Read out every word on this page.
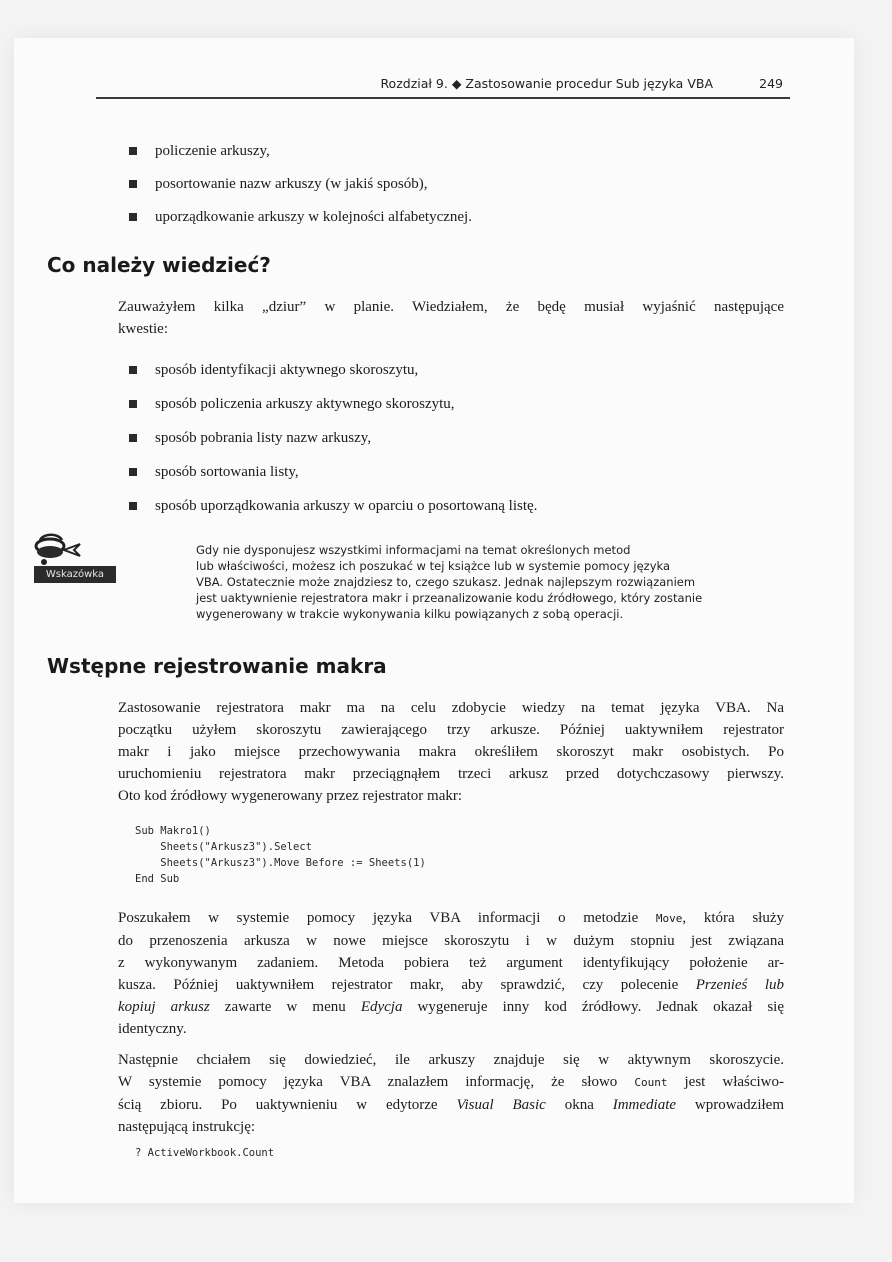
Rozdział 9. ◆ Zastosowanie procedur Sub języka VBA	249
policzenie arkuszy,
posortowanie nazw arkuszy (w jakiś sposób),
uporządkowanie arkuszy w kolejności alfabetycznej.
Co należy wiedzieć?
Zauważyłem kilka „dziur” w planie. Wiedziałem, że będę musiał wyjaśnić następujące
kwestie:
sposób identyfikacji aktywnego skoroszytu,
sposób policzenia arkuszy aktywnego skoroszytu,
sposób pobrania listy nazw arkuszy,
sposób sortowania listy,
sposób uporządkowania arkuszy w oparciu o posortowaną listę.
Wskazówka
Gdy nie dysponujesz wszystkimi informacjami na temat określonych metod
lub właściwości, możesz ich poszukać w tej książce lub w systemie pomocy języka
VBA. Ostatecznie może znajdziesz to, czego szukasz. Jednak najlepszym rozwiązaniem
jest uaktywnienie rejestratora makr i przeanalizowanie kodu źródłowego, który zostanie
wygenerowany w trakcie wykonywania kilku powiązanych z sobą operacji.
Wstępne rejestrowanie makra
Zastosowanie rejestratora makr ma na celu zdobycie wiedzy na temat języka VBA. Na
początku użyłem skoroszytu zawierającego trzy arkusze. Później uaktywniłem rejestrator
makr i jako miejsce przechowywania makra określiłem skoroszyt makr osobistych. Po
uruchomieniu rejestratora makr przeciągnąłem trzeci arkusz przed dotychczasowy pierwszy.
Oto kod źródłowy wygenerowany przez rejestrator makr:
Sub Makro1()
Sheets("Arkusz3").Select
Sheets("Arkusz3").Move Before := Sheets(1)
End Sub
Poszukałem w systemie pomocy języka VBA informacji o metodzie Move, która służy
do przenoszenia arkusza w nowe miejsce skoroszytu i w dużym stopniu jest związana
z wykonywanym zadaniem. Metoda pobiera też argument identyfikujący położenie ar-
kusza. Później uaktywniłem rejestrator makr, aby sprawdzić, czy polecenie Przenieś lub
kopiuj arkusz zawarte w menu Edycja wygeneruje inny kod źródłowy. Jednak okazał się
identyczny.
Następnie chciałem się dowiedzieć, ile arkuszy znajduje się w aktywnym skoroszycie.
W systemie pomocy języka VBA znalazłem informację, że słowo Count jest właściwo-
ścią zbioru. Po uaktywnieniu w edytorze Visual Basic okna Immediate wprowadziłem
następującą instrukcję:
? ActiveWorkbook.Count
